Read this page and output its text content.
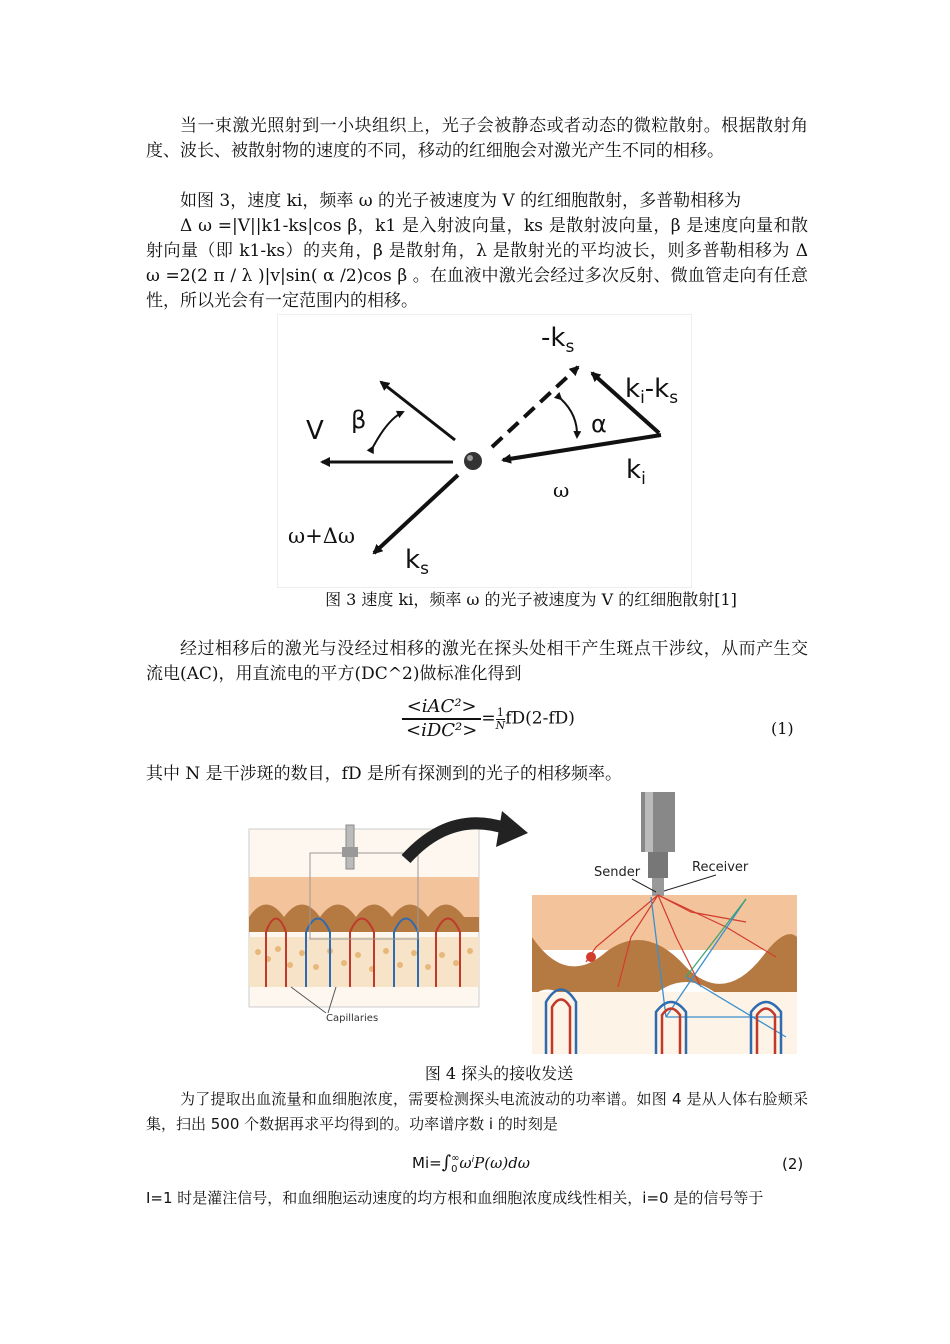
当一束激光照射到一小块组织上，光子会被静态或者动态的微粒散射。根据散射角度、波长、被散射物的速度的不同，移动的红细胞会对激光产生不同的相移。

如图 3，速度 ki，频率 ω 的光子被速度为 V 的红细胞散射，多普勒相移为

Δ ω =|V||k1-ks|cos β，k1 是入射波向量，ks 是散射波向量，β 是速度向量和散射向量（即 k1-ks）的夹角，β 是散射角，λ 是散射光的平均波长，则多普勒相移为 Δ ω =2(2 π / λ )|v|sin( α /2)cos β 。在血液中激光会经过多次反射、微血管走向有任意性，所以光会有一定范围内的相移。

$-k_s$
$k_i-k_s$
V β	α
$k_i$
ω
ω+Δω
$k_s$
图 3 速度 ki，频率 ω 的光子被速度为 V 的红细胞散射[1]

经过相移后的激光与没经过相移的激光在探头处相干产生斑点干涉纹，从而产生交流电(AC)，用直流电的平方(DC^2)做标准化得到

$\frac{\text{<iAC²>}}{\text{<iDC²>}} = \frac{1}{N} fD(2-fD)$	(1)

其中 N 是干涉斑的数目，fD 是所有探测到的光子的相移频率。

Capillaries
Sender	Receiver
图 4 探头的接收发送

为了提取出血流量和血细胞浓度，需要检测探头电流波动的功率谱。如图 4 是从人体右脸颊采集，扫出 500 个数据再求平均得到的。功率谱序数 i 的时刻是

Mi=∫ ∞
0 $\omega^iP(\omega)d\omega$	(2)

I=1 时是灌注信号，和血细胞运动速度的均方根和血细胞浓度成线性相关，i=0 是的信号等于
